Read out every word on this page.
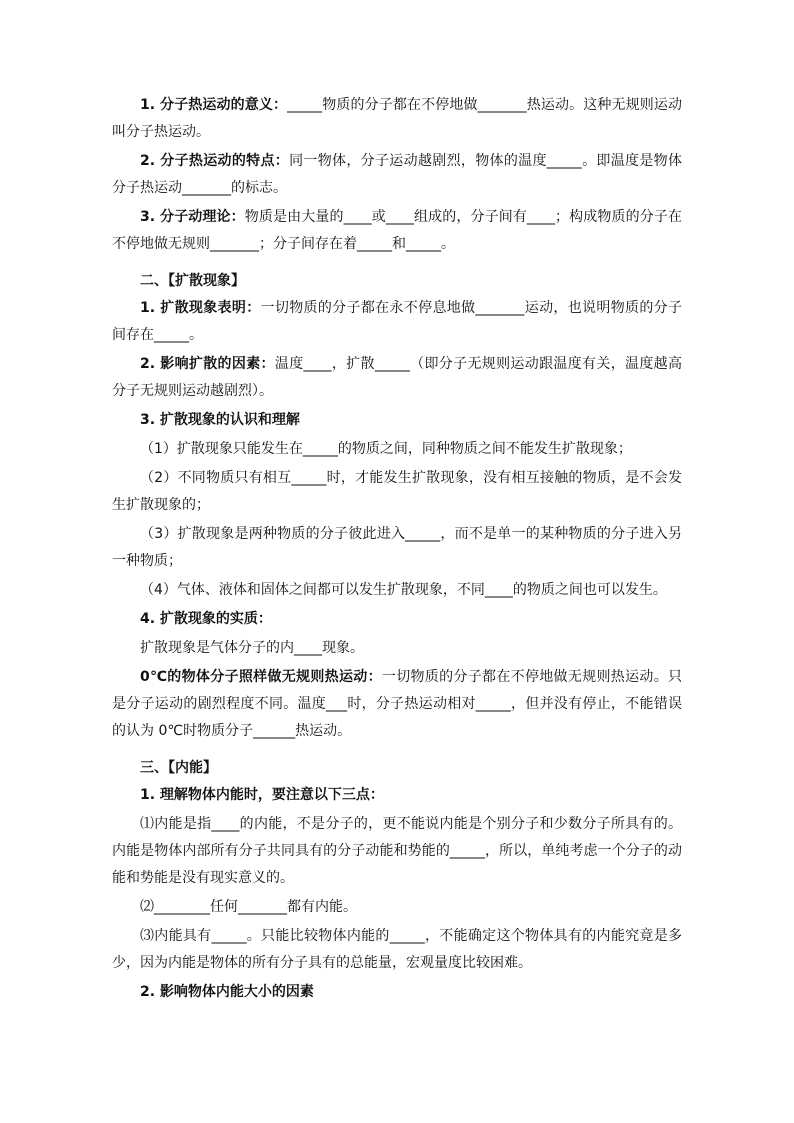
1. 分子热运动的意义：_____物质的分子都在不停地做_______热运动。这种无规则运动叫分子热运动。

2. 分子热运动的特点：同一物体，分子运动越剧烈，物体的温度_____。即温度是物体分子热运动_______的标志。

3. 分子动理论：物质是由大量的____或____组成的，分子间有____；构成物质的分子在不停地做无规则_______；分子间存在着_____和_____。

二、【扩散现象】

1. 扩散现象表明：一切物质的分子都在永不停息地做_______运动，也说明物质的分子间存在_____。

2. 影响扩散的因素：温度____，扩散_____（即分子无规则运动跟温度有关，温度越高分子无规则运动越剧烈）。

3. 扩散现象的认识和理解

（1）扩散现象只能发生在_____的物质之间，同种物质之间不能发生扩散现象；

（2）不同物质只有相互_____时，才能发生扩散现象，没有相互接触的物质，是不会发生扩散现象的；

（3）扩散现象是两种物质的分子彼此进入_____，而不是单一的某种物质的分子进入另一种物质；

（4）气体、液体和固体之间都可以发生扩散现象，不同____的物质之间也可以发生。

4. 扩散现象的实质：

扩散现象是气体分子的内____现象。

0℃的物体分子照样做无规则热运动：一切物质的分子都在不停地做无规则热运动。只是分子运动的剧烈程度不同。温度___时，分子热运动相对_____，但并没有停止，不能错误的认为 0℃时物质分子______热运动。

三、【内能】

1. 理解物体内能时，要注意以下三点：

⑴内能是指____的内能，不是分子的，更不能说内能是个别分子和少数分子所具有的。内能是物体内部所有分子共同具有的分子动能和势能的_____，所以，单纯考虑一个分子的动能和势能是没有现实意义的。

⑵________任何_______都有内能。

⑶内能具有_____。只能比较物体内能的_____，不能确定这个物体具有的内能究竟是多少，因为内能是物体的所有分子具有的总能量，宏观量度比较困难。

2. 影响物体内能大小的因素
